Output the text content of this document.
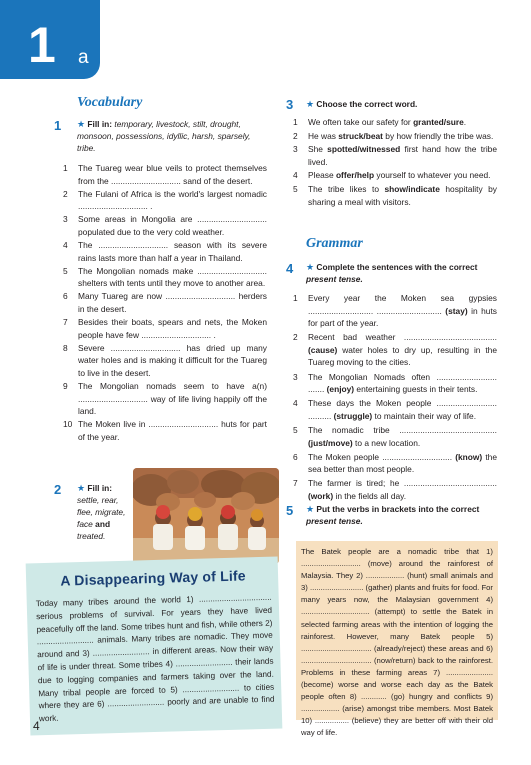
1 a
Vocabulary
1 ★ Fill in: temporary, livestock, stilt, drought, monsoon, possessions, idyllic, harsh, sparsely, tribe.
1 The Tuareg wear blue veils to protect themselves from the .............................. sand of the desert.
2 The Fulani of Africa is the world's largest nomadic .............................. .
3 Some areas in Mongolia are .............................. populated due to the very cold weather.
4 The .............................. season with its severe rains lasts more than half a year in Thailand.
5 The Mongolian nomads make .............................. shelters with tents until they move to another area.
6 Many Tuareg are now .............................. herders in the desert.
7 Besides their boats, spears and nets, the Moken people have few .............................. .
8 Severe .............................. has dried up many water holes and is making it difficult for the Tuareg to live in the desert.
9 The Mongolian nomads seem to have a(n) .............................. way of life living happily off the land.
10 The Moken live in .............................. huts for part of the year.
2 ★ Fill in:
settle, rear, flee, migrate, face and treated.
A Disappearing Way of Life
Today many tribes around the world 1) ................................ serious problems of survival. For years they have lived peacefully off the land. Some tribes hunt and fish, while others 2) ......................... animals. Many tribes are nomadic. They move around and 3) ......................... in different areas. Now their way of life is under threat. Some tribes 4) ......................... their lands due to logging companies and farmers taking over the land. Many tribal people are forced to 5) ......................... to cities where they are 6) ......................... poorly and are unable to find work.
4
3 ★ Choose the correct word.
1 We often take our safety for granted/sure.
2 He was struck/beat by how friendly the tribe was.
3 She spotted/witnessed first hand how the tribe lived.
4 Please offer/help yourself to whatever you need.
5 The tribe likes to show/indicate hospitality by sharing a meal with visitors.
Grammar
4 ★ Complete the sentences with the correct
present tense.
1 Every year the Moken sea gypsies ............................ ............................ (stay) in huts for part of the year.
2 Recent bad weather ........................................ (cause) water holes to dry up, resulting in the Tuareg moving to the cities.
3 The Mongolian Nomads often .......................... ....... (enjoy) entertaining guests in their tents.
4 These days the Moken people .......................... .......... (struggle) to maintain their way of life.
5 The nomadic tribe .......................................... (just/move) to a new location.
6 The Moken people .............................. (know) the sea better than most people.
7 The farmer is tired; he ........................................ (work) in the fields all day.
5 ★ Put the verbs in brackets into the correct
present tense.
The Batek people are a nomadic tribe that 1) ............................ (move) around the rainforest of Malaysia. They 2) .................. (hunt) small animals and 3) ......................... (gather) plants and fruits for food. For many years now, the Malaysian government 4) ................................ (attempt) to settle the Batek in selected farming areas with the intention of logging the rainforest. However, many Batek people 5) ................................. (already/reject) these areas and 6) ................................. (now/return) back to the rainforest. Problems in these farming areas 7) ...................... (become) worse and worse each day as the Batek people often 8) ............ (go) hungry and conflicts 9) .................. (arise) amongst tribe members. Most Batek 10) ................ (believe) they are better off with their old way of life.
